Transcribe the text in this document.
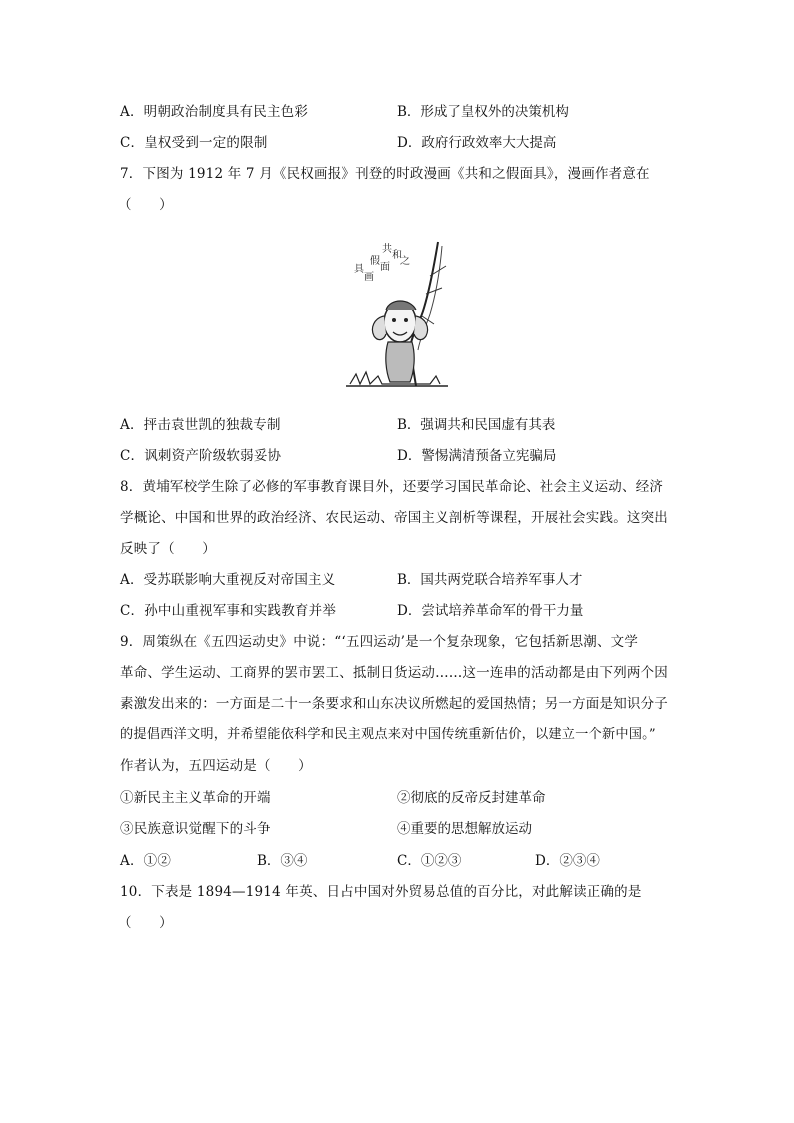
A．明朝政治制度具有民主色彩	B．形成了皇权外的决策机构
C．皇权受到一定的限制	D．政府行政效率大大提高
7．下图为 1912 年 7 月《民权画报》刊登的时政漫画《共和之假面具》，漫画作者意在
（　　）
共
和
之
假
面
具
画
A．抨击袁世凯的独裁专制	B．强调共和民国虚有其表
C．讽刺资产阶级软弱妥协	D．警惕满清预备立宪骗局
8．黄埔军校学生除了必修的军事教育课目外，还要学习国民革命论、社会主义运动、经济
学概论、中国和世界的政治经济、农民运动、帝国主义剖析等课程，开展社会实践。这突出
反映了（　　）
A．受苏联影响大重视反对帝国主义	B．国共两党联合培养军事人才
C．孙中山重视军事和实践教育并举	D．尝试培养革命军的骨干力量
9．周策纵在《五四运动史》中说：“‘五四运动’是一个复杂现象，它包括新思潮、文学
革命、学生运动、工商界的罢市罢工、抵制日货运动……这一连串的活动都是由下列两个因
素激发出来的：一方面是二十一条要求和山东决议所燃起的爱国热情；另一方面是知识分子
的提倡西洋文明，并希望能依科学和民主观点来对中国传统重新估价，以建立一个新中国。”
作者认为，五四运动是（　　）
①新民主主义革命的开端	②彻底的反帝反封建革命
③民族意识觉醒下的斗争	④重要的思想解放运动
A．①②	B．③④	C．①②③	D．②③④
10．下表是 1894—1914 年英、日占中国对外贸易总值的百分比，对此解读正确的是
（　　）
